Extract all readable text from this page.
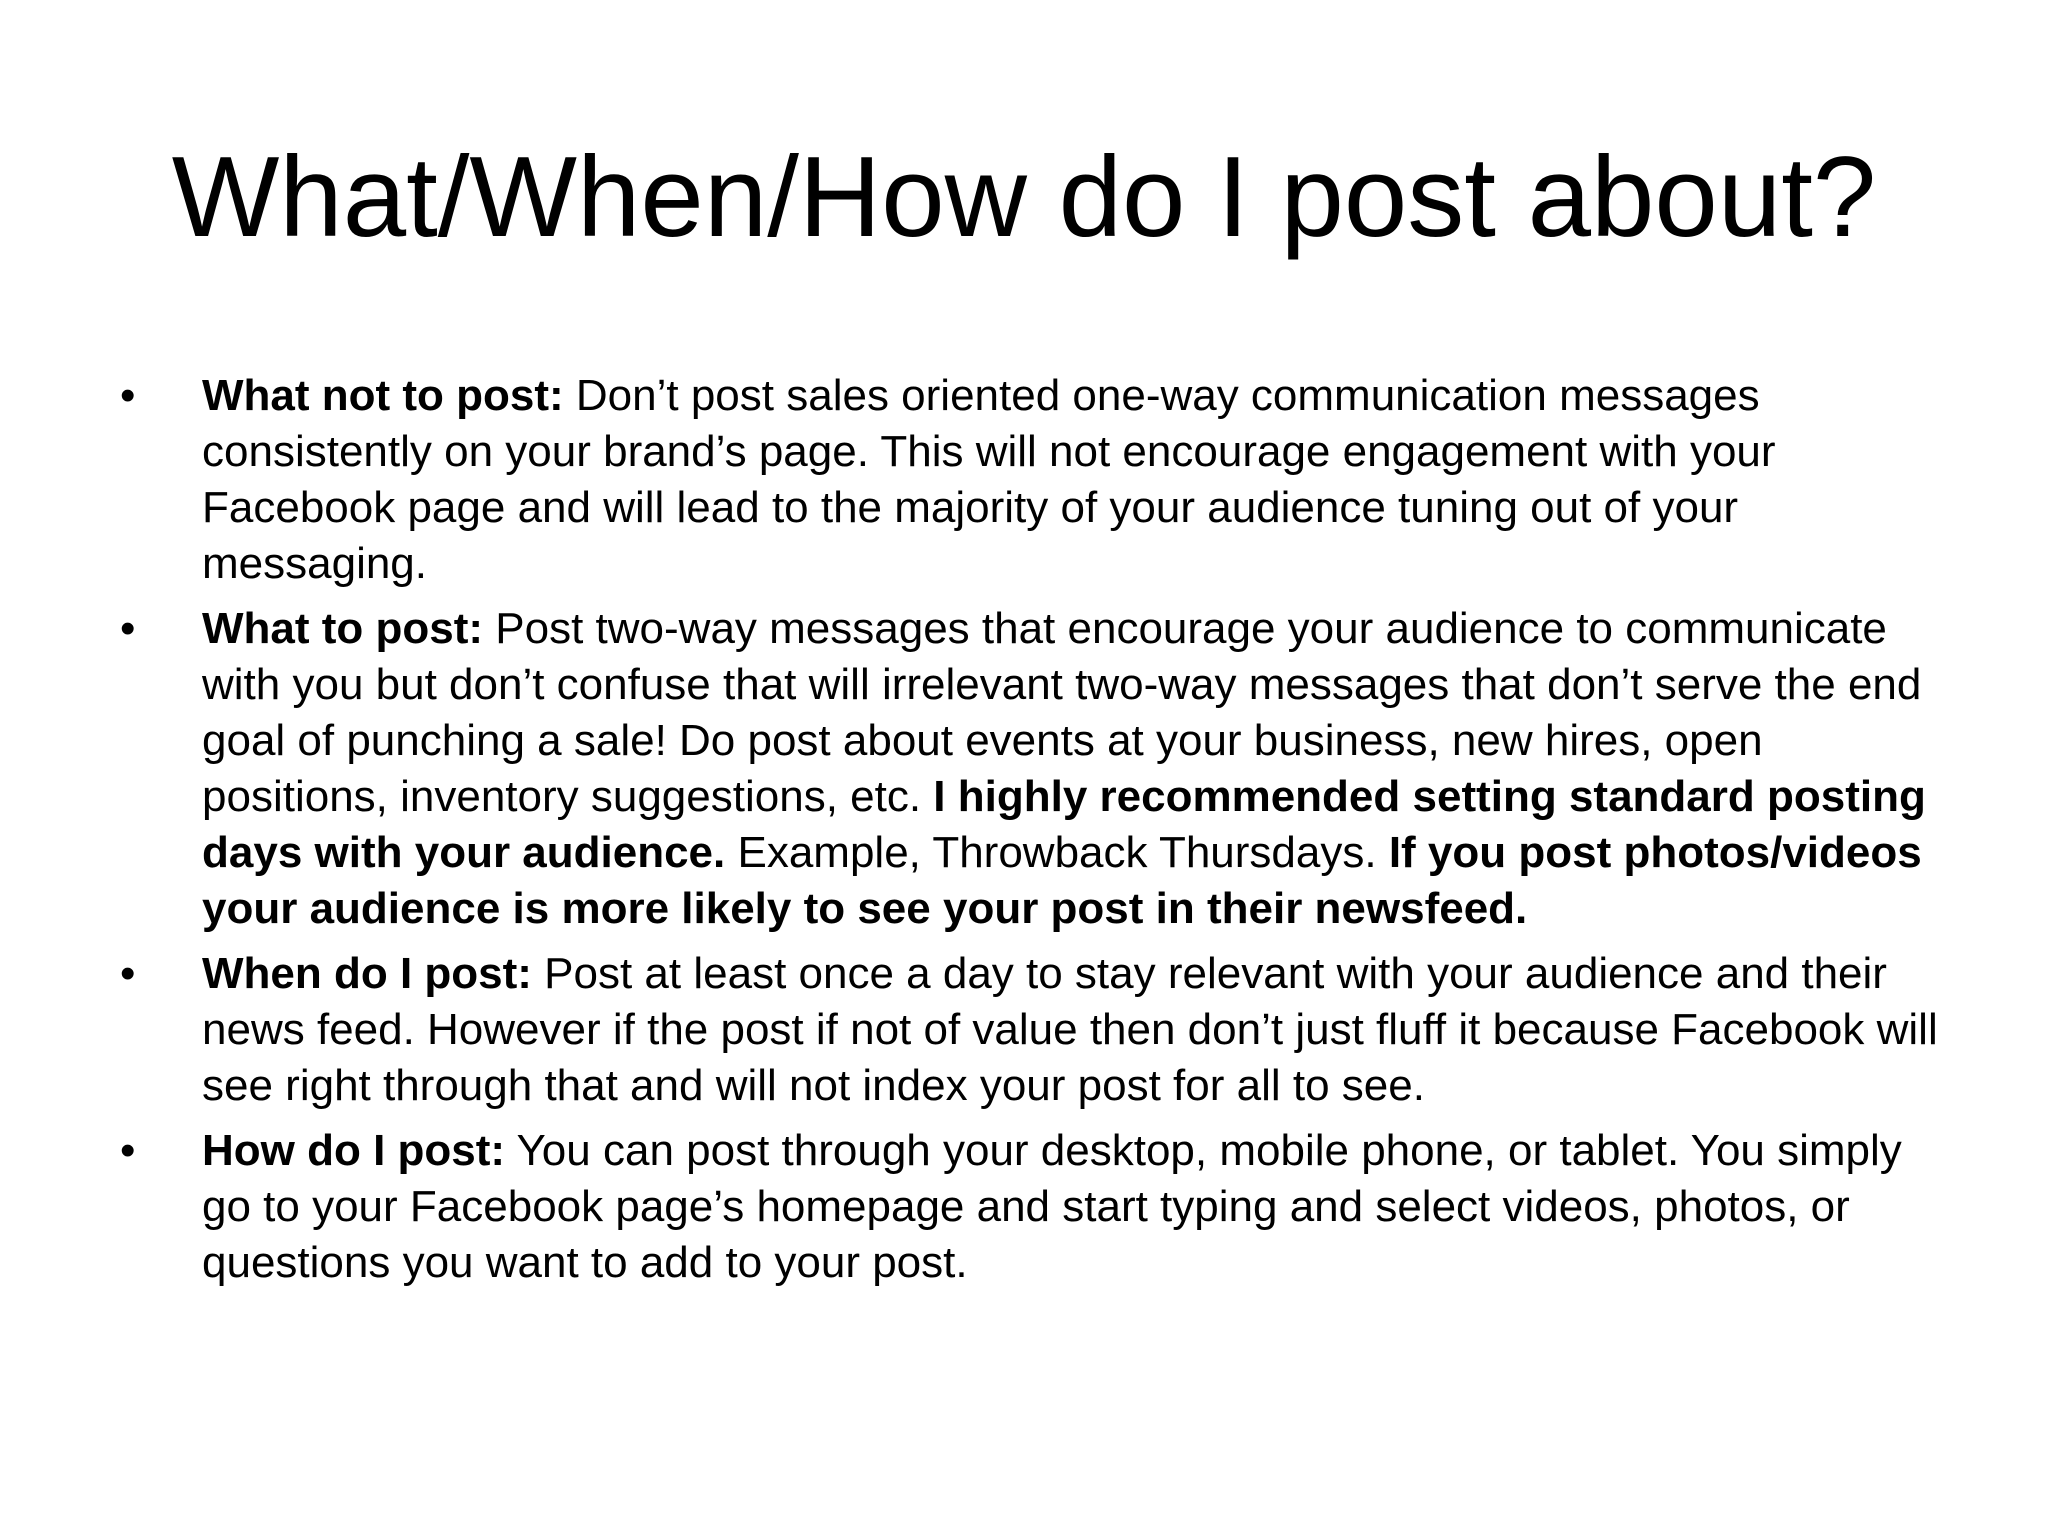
What/When/How do I post about?
•
What not to post: Don’t post sales oriented one-way communication messages consistently on your brand’s page. This will not encourage engagement with your Facebook page and will lead to the majority of your audience tuning out of your messaging.
•
What to post: Post two-way messages that encourage your audience to communicate with you but don’t confuse that will irrelevant two-way messages that don’t serve the end goal of punching a sale! Do post about events at your business, new hires, open positions, inventory suggestions, etc. I highly recommended setting standard posting days with your audience. Example, Throwback Thursdays. If you post photos/videos your audience is more likely to see your post in their newsfeed.
•
When do I post: Post at least once a day to stay relevant with your audience and their news feed. However if the post if not of value then don’t just fluff it because Facebook will see right through that and will not index your post for all to see.
•
How do I post: You can post through your desktop, mobile phone, or tablet. You simply go to your Facebook page’s homepage and start typing and select videos, photos, or questions you want to add to your post.
